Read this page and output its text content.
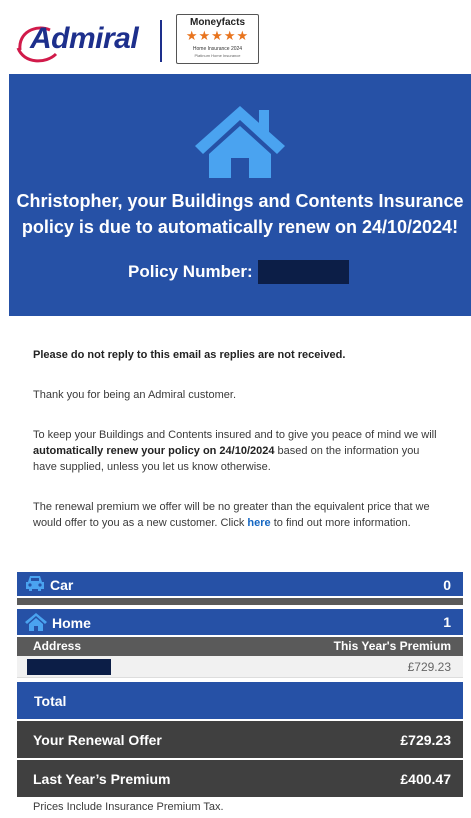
Admiral	Moneyfacts
★★★★★
Home Insurance 2024
Platinum Home Insurance
Christopher, your Buildings and Contents Insurance policy is due to automatically renew on 24/10/2024!
Policy Number:
Please do not reply to this email as replies are not received.
Thank you for being an Admiral customer.
To keep your Buildings and Contents insured and to give you peace of mind we will automatically renew your policy on 24/10/2024 based on the information you have supplied, unless you let us know otherwise.
The renewal premium we offer will be no greater than the equivalent price that we would offer to you as a new customer. Click here to find out more information.
Car	0
Home	1
Address	This Year's Premium
£729.23
Total
Your Renewal Offer	£729.23
Last Year’s Premium	£400.47
Prices Include Insurance Premium Tax.
